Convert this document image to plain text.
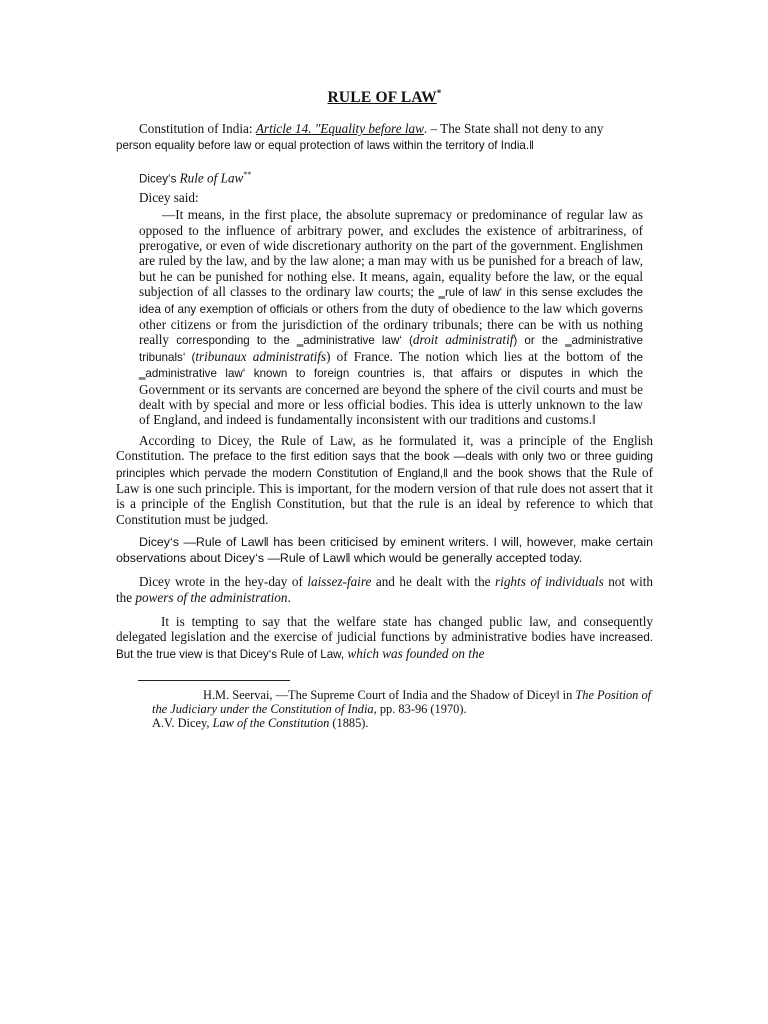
RULE OF LAW*

Constitution of India: Article 14. "Equality before law. – The State shall not deny to any
person equality before law or equal protection of laws within the territory of India.‖

Dicey‘s Rule of Law**

Dicey said:

―It means, in the first place, the absolute supremacy or predominance of regular law as opposed to the influence of arbitrary power, and excludes the existence of arbitrariness, of prerogative, or even of wide discretionary authority on the part of the government. Englishmen are ruled by the law, and by the law alone; a man may with us be punished for a breach of law, but he can be punished for nothing else. It means, again, equality before the law, or the equal subjection of all classes to the ordinary law courts; the ‗rule of law‘ in this sense excludes the idea of any exemption of officials or others from the duty of obedience to the law which governs other citizens or from the jurisdiction of the ordinary tribunals; there can be with us nothing really corresponding to the ‗administrative law‘ (droit administratif) or the ‗administrative tribunals‘ (tribunaux administratifs) of France. The notion which lies at the bottom of the ‗administrative law‘ known to foreign countries is, that affairs or disputes in which the Government or its servants are concerned are beyond the sphere of the civil courts and must be dealt with by special and more or less official bodies. This idea is utterly unknown to the law of England, and indeed is fundamentally inconsistent with our traditions and customs.‖

According to Dicey, the Rule of Law, as he formulated it, was a principle of the English Constitution. The preface to the first edition says that the book ―deals with only two or three guiding principles which pervade the modern Constitution of England,‖ and the book shows that the Rule of Law is one such principle. This is important, for the modern version of that rule does not assert that it is a principle of the English Constitution, but that the rule is an ideal by reference to which that Constitution must be judged.

Dicey‘s ―Rule of Law‖ has been criticised by eminent writers. I will, however, make certain observations about Dicey‘s ―Rule of Law‖ which would be generally accepted today.

Dicey wrote in the hey-day of laissez-faire and he dealt with the rights of individuals not with the powers of the administration.

It is tempting to say that the welfare state has changed public law, and consequently delegated legislation and the exercise of judicial functions by administrative bodies have increased. But the true view is that Dicey‘s Rule of Law, which was founded on the

H.M. Seervai, ―The Supreme Court of India and the Shadow of Dicey‖ in The Position of the Judiciary under the Constitution of India, pp. 83-96 (1970).

A.V. Dicey, Law of the Constitution (1885).
